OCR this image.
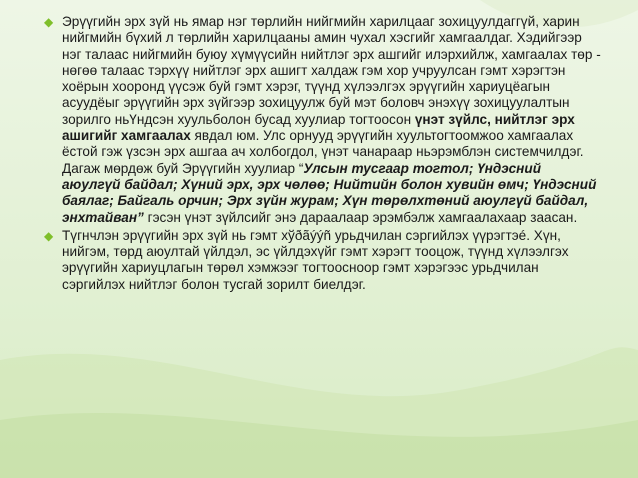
◆ Эрүүгийн эрх зүй нь ямар нэг төрлийн нийгмийн харилцааг зохицуулдаггүй, харин нийгмийн бүхий л төрлийн харилцааны амин чухал хэсгийг хамгаалдаг. Хэдийгээр нэг талаас нийгмийн буюу хүмүүсийн нийтлэг эрх ашгийг илэрхийлж, хамгаалах төр - нөгөө талаас тэрхүү нийтлэг эрх ашигт халдаж гэм хор учруулсан гэмт хэрэгтэн хоёрын хооронд үүсэж буй гэмт хэрэг, түүнд хүлээлгэх эрүүгийн хариуцёагын асуудёыг эрүүгийн эрх зүйгээр зохицуулж буй мэт боловч энэхүү зохицуулалтын зорилго ньҮндсэн хуульболон бусад хуулиар тогтоосон үнэт зүйлс, нийтлэг эрх ашигийг хамгаалах явдал юм. Улс орнууд эрүүгийн хуультогтоомжоо хамгаалах ёстой гэж үзсэн эрх ашгаа ач холбогдол, үнэт чанараар ньэрэмблэн системчилдэг. Дагаж мөрдөж буй Эрүүгийн хуулиар “Улсын тусгаар тогтол; Үндэсний аюулгүй байдал; Хүний эрх, эрх чөлөө; Нийтийн болон хувийн өмч; Үндэсний баялаг; Байгаль орчин; Эрх зүйн журам; Хүн төрөлхтөний аюулгүй байдал, энхтайван” гэсэн үнэт зүйлсийг энэ дараалаар эрэмбэлж хамгаалахаар заасан.

◆ Түгнчлэн эрүүгийн эрх зүй нь гэмт хўðãýýñ урьдчилан сэргийлэх үүрэгтэé. Хүн, нийгэм, төрд аюултай үйлдэл, эс үйлдэхүйг гэмт хэрэгт тооцож, түүнд хүлээлгэх эрүүгийн хариуцлагын төрөл хэмжээг тогтоосноор гэмт хэрэгээс урьдчилан сэргийлэх нийтлэг болон тусгай зорилт биелдэг.
